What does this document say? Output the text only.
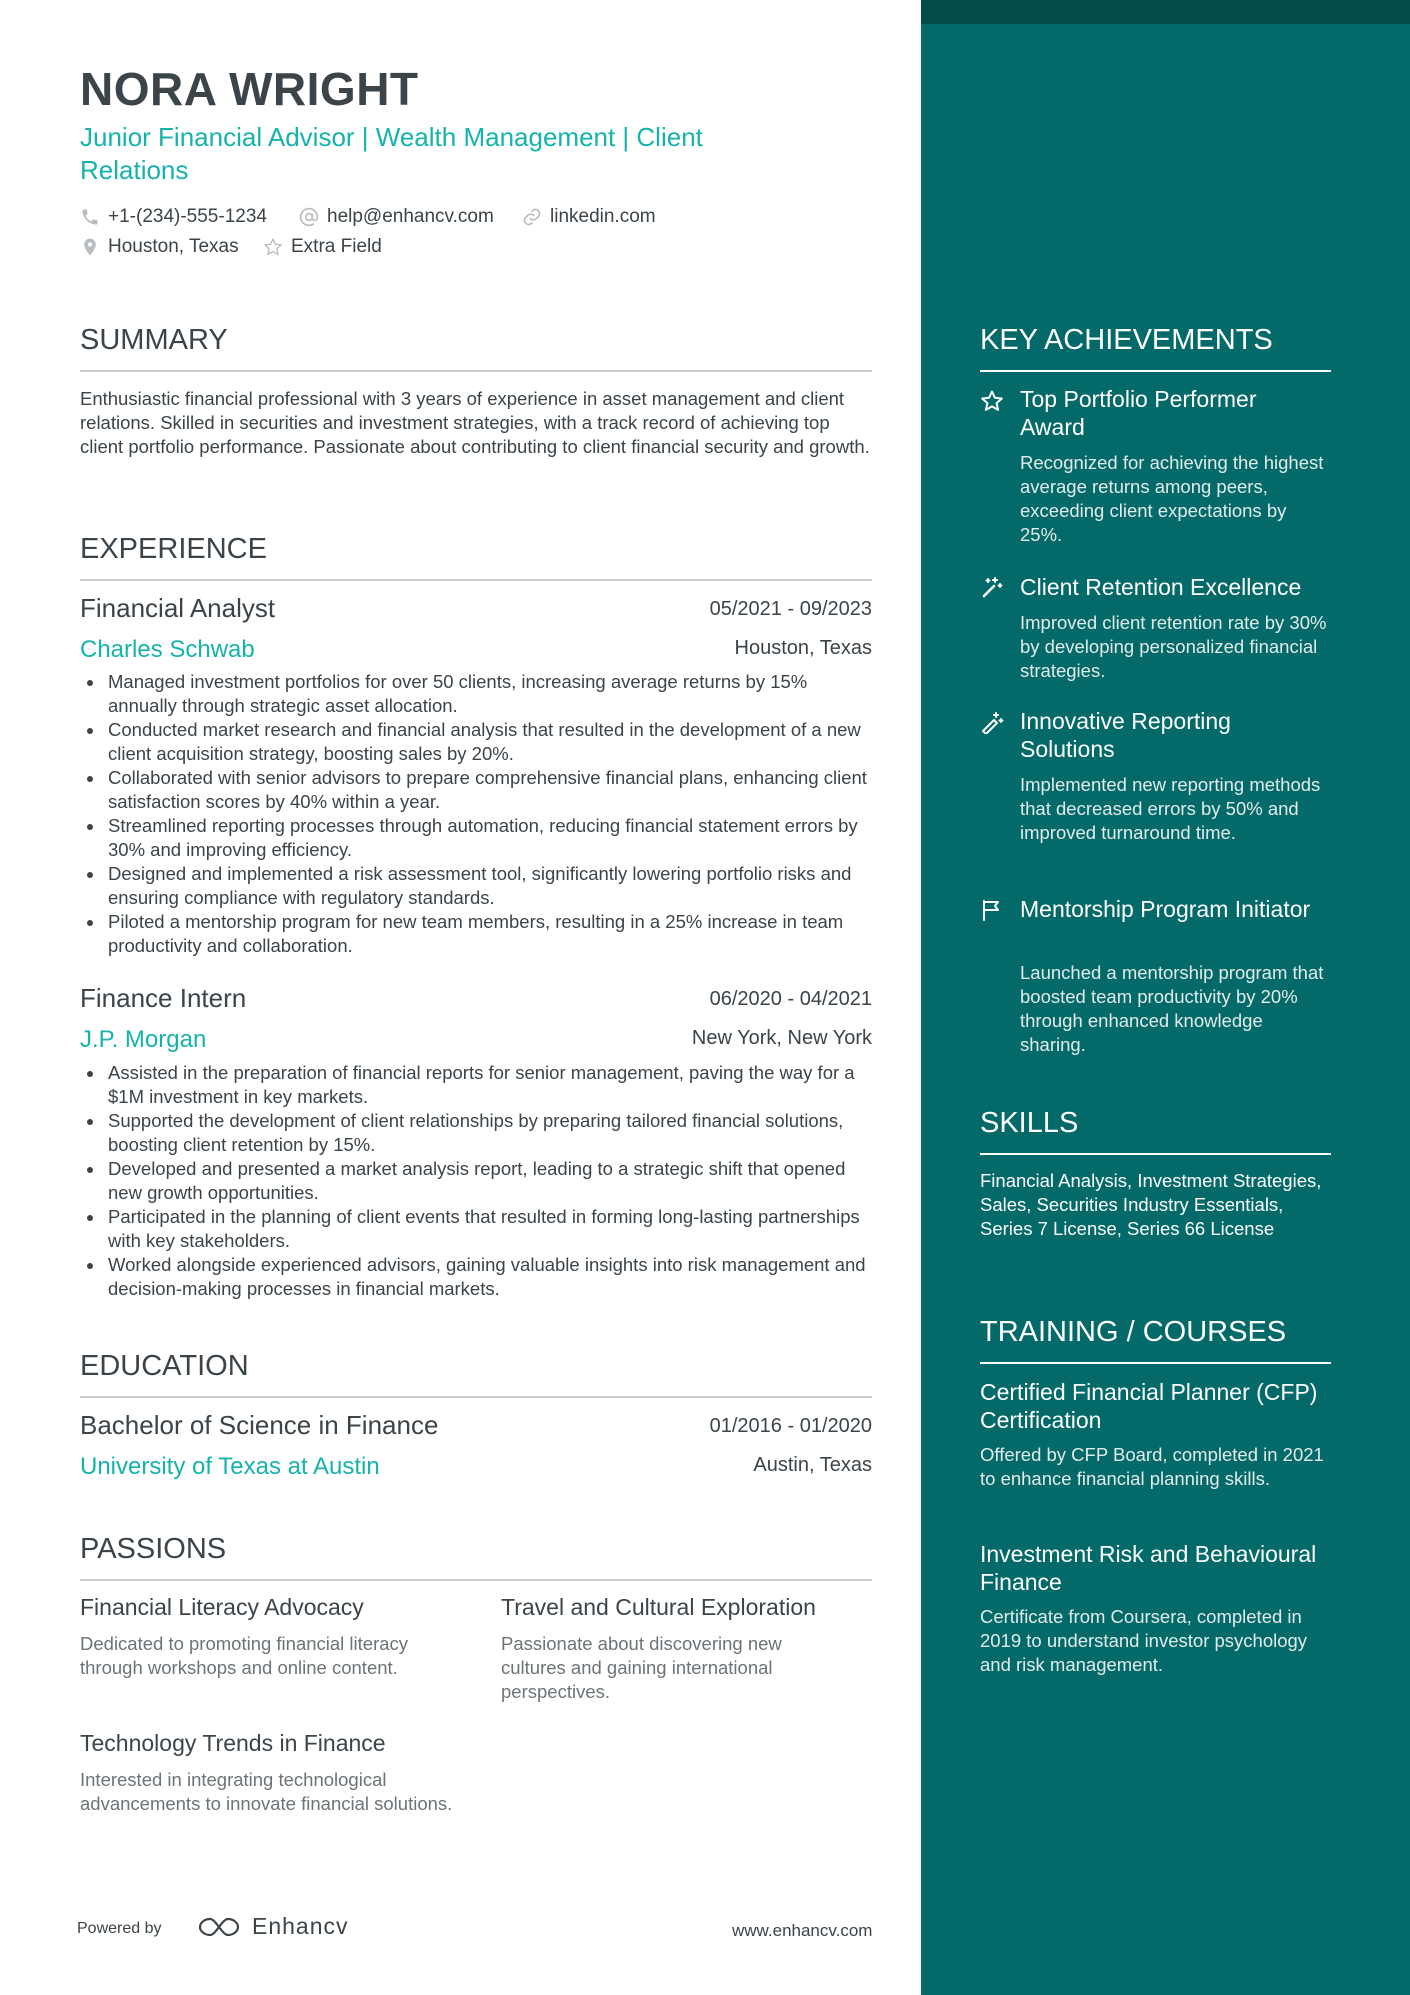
NORA WRIGHT
Junior Financial Advisor | Wealth Management | Client Relations
+1-(234)-555-1234	help@enhancv.com	linkedin.com
Houston, Texas	Extra Field
SUMMARY
Enthusiastic financial professional with 3 years of experience in asset management and client relations. Skilled in securities and investment strategies, with a track record of achieving top client portfolio performance. Passionate about contributing to client financial security and growth.
EXPERIENCE
Financial Analyst	05/2021 - 09/2023
Charles Schwab	Houston, Texas
Managed investment portfolios for over 50 clients, increasing average returns by 15% annually through strategic asset allocation.
Conducted market research and financial analysis that resulted in the development of a new client acquisition strategy, boosting sales by 20%.
Collaborated with senior advisors to prepare comprehensive financial plans, enhancing client satisfaction scores by 40% within a year.
Streamlined reporting processes through automation, reducing financial statement errors by 30% and improving efficiency.
Designed and implemented a risk assessment tool, significantly lowering portfolio risks and ensuring compliance with regulatory standards.
Piloted a mentorship program for new team members, resulting in a 25% increase in team productivity and collaboration.
Finance Intern	06/2020 - 04/2021
J.P. Morgan	New York, New York
Assisted in the preparation of financial reports for senior management, paving the way for a $1M investment in key markets.
Supported the development of client relationships by preparing tailored financial solutions, boosting client retention by 15%.
Developed and presented a market analysis report, leading to a strategic shift that opened new growth opportunities.
Participated in the planning of client events that resulted in forming long-lasting partnerships with key stakeholders.
Worked alongside experienced advisors, gaining valuable insights into risk management and decision-making processes in financial markets.
EDUCATION
Bachelor of Science in Finance	01/2016 - 01/2020
University of Texas at Austin	Austin, Texas
PASSIONS
Financial Literacy Advocacy
Dedicated to promoting financial literacy through workshops and online content.
Travel and Cultural Exploration
Passionate about discovering new cultures and gaining international perspectives.
Technology Trends in Finance
Interested in integrating technological advancements to innovate financial solutions.
Powered by	Enhancv	www.enhancv.com
KEY ACHIEVEMENTS
Top Portfolio Performer Award
Recognized for achieving the highest average returns among peers, exceeding client expectations by 25%.
Client Retention Excellence
Improved client retention rate by 30% by developing personalized financial strategies.
Innovative Reporting Solutions
Implemented new reporting methods that decreased errors by 50% and improved turnaround time.
Mentorship Program Initiator
Launched a mentorship program that boosted team productivity by 20% through enhanced knowledge sharing.
SKILLS
Financial Analysis, Investment Strategies, Sales, Securities Industry Essentials, Series 7 License, Series 66 License
TRAINING / COURSES
Certified Financial Planner (CFP) Certification
Offered by CFP Board, completed in 2021 to enhance financial planning skills.
Investment Risk and Behavioural Finance
Certificate from Coursera, completed in 2019 to understand investor psychology and risk management.
